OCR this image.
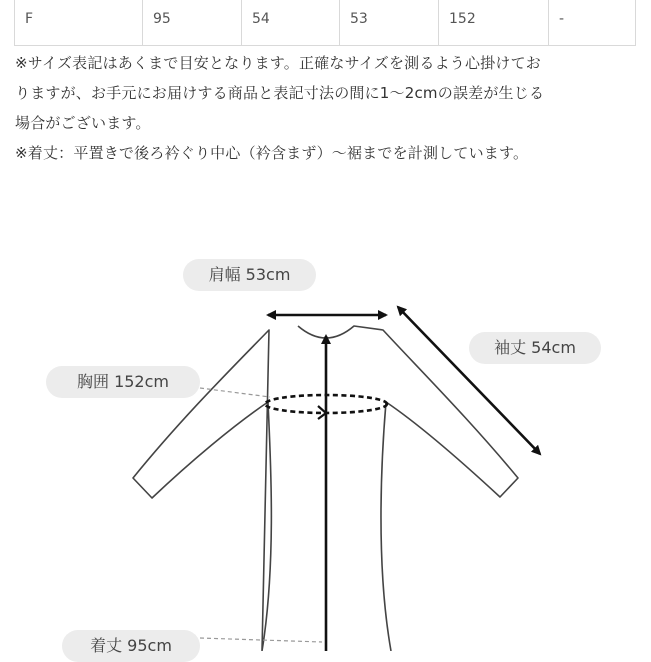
F	95	54	53	152	-

※サイズ表記はあくまで目安となります。正確なサイズを測るよう心掛けてお

りますが、お手元にお届けする商品と表記寸法の間に1〜2cmの誤差が生じる

場合がございます。

※着丈：平置きで後ろ衿ぐり中心（衿含まず）〜裾までを計測しています。

肩幅 53cm
袖丈 54cm
胸囲 152cm
着丈 95cm
